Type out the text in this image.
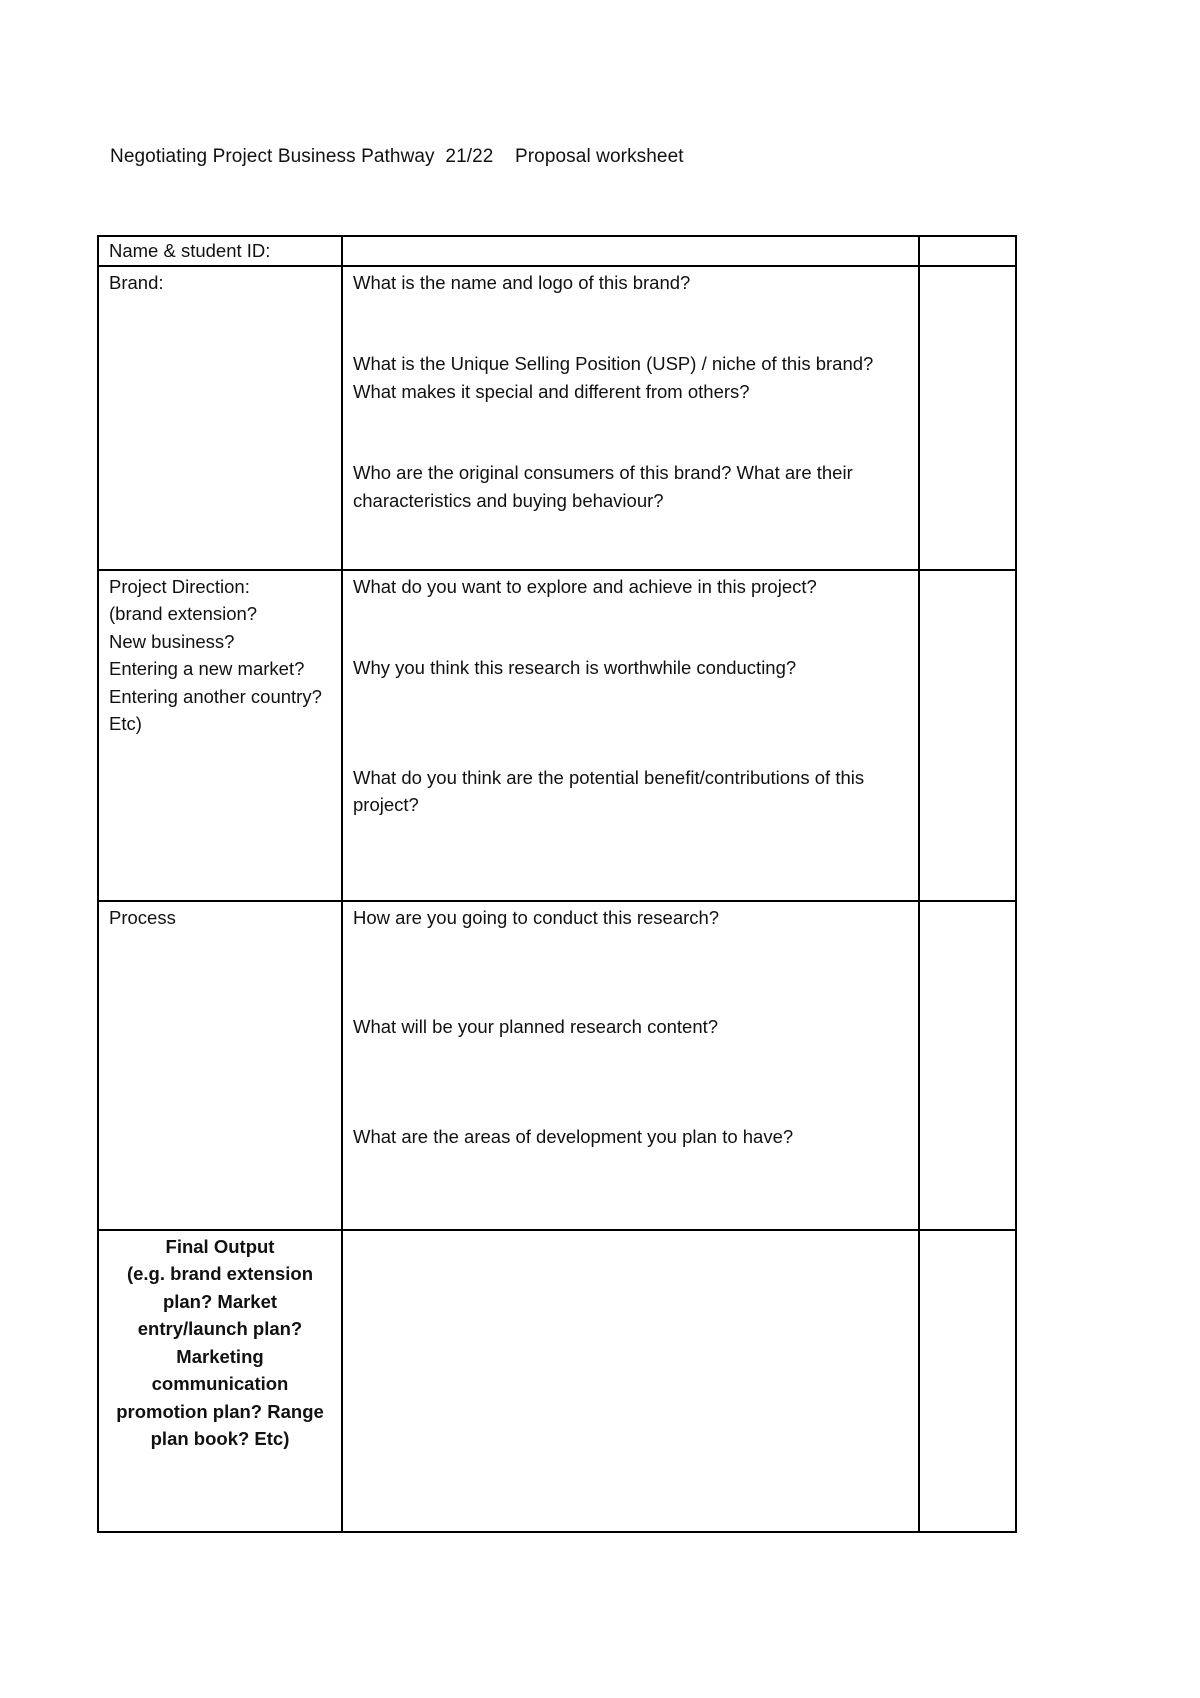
Negotiating Project Business Pathway  21/22    Proposal worksheet
Name & student ID:		
Brand:	What is the name and logo of this brand?
What is the Unique Selling Position (USP) / niche of this brand? What makes it special and different from others?
Who are the original consumers of this brand? What are their characteristics and buying behaviour?	

Project Direction:
(brand extension?
New business?
Entering a new market?
Entering another country? Etc)	What do you want to explore and achieve in this project?
Why you think this research is worthwhile conducting?
What do you think are the potential benefit/contributions of this project?	

Process	How are you going to conduct this research?
What will be your planned research content?
What are the areas of development you plan to have?	

Final Output
(e.g. brand extension plan? Market entry/launch plan? Marketing communication promotion plan? Range plan book? Etc)		
